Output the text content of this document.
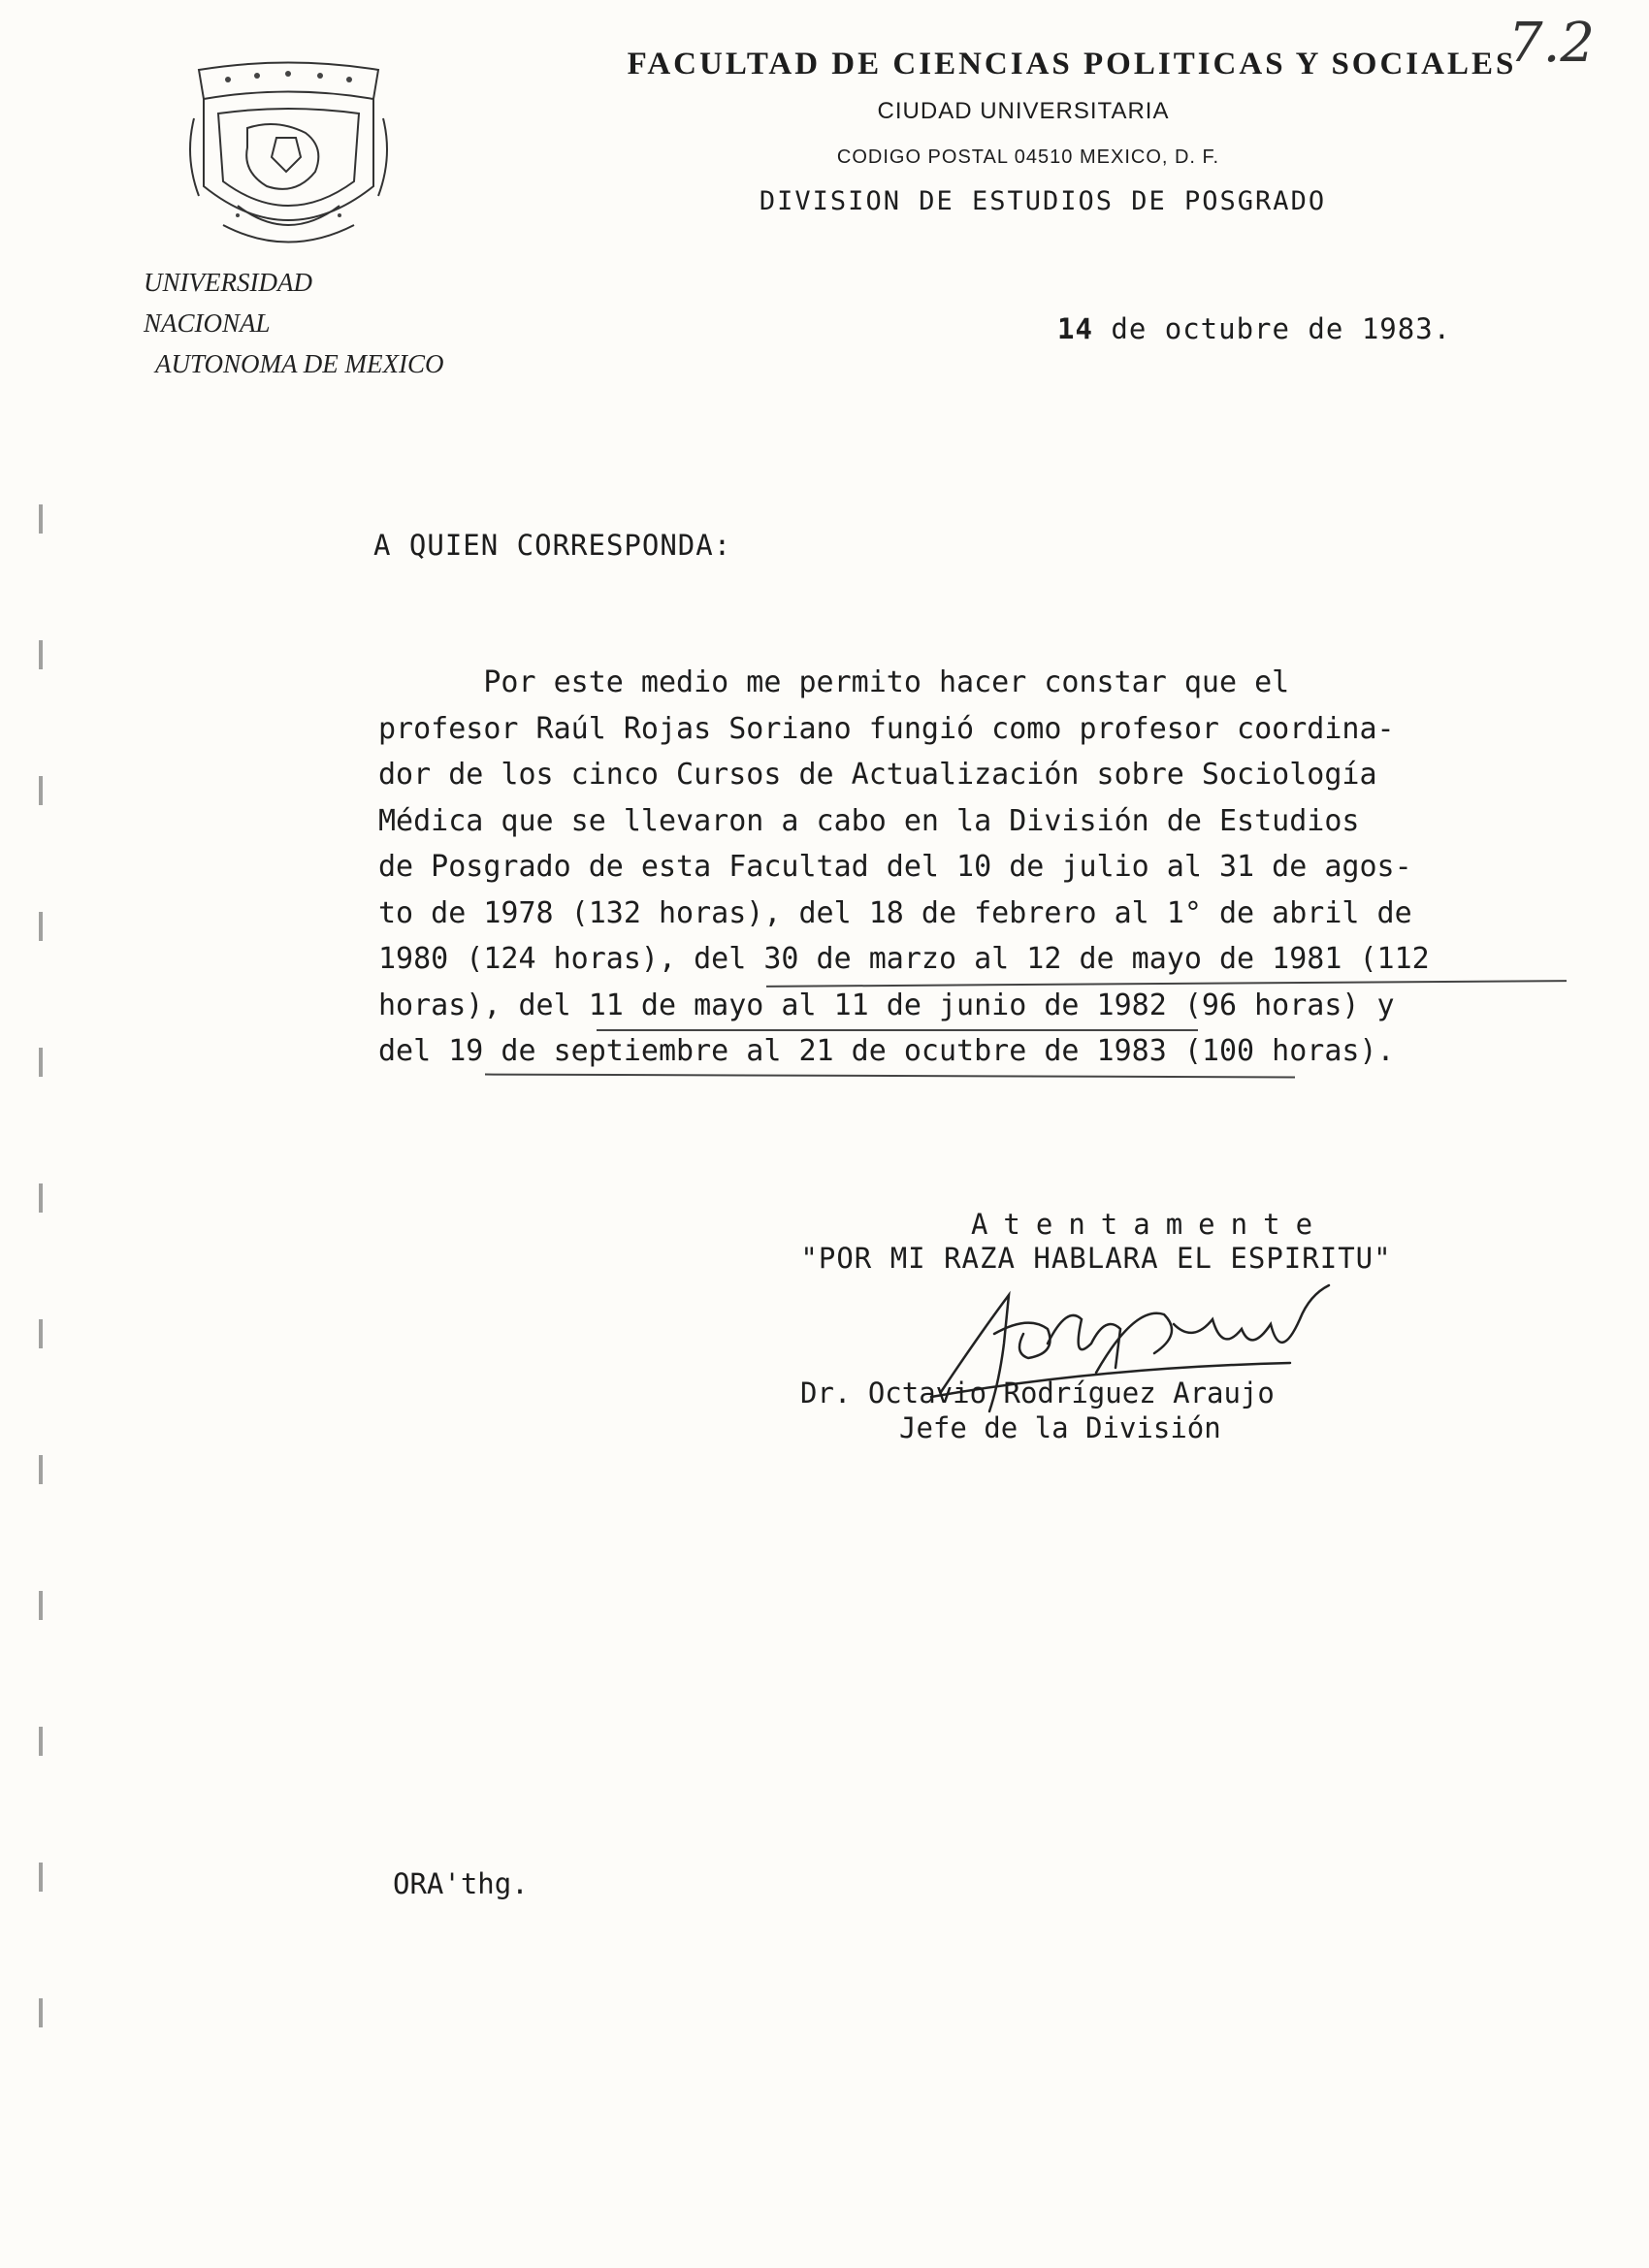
7.2
UNIVERSIDAD NACIONAL
AUTONOMA DE MEXICO
FACULTAD DE CIENCIAS POLITICAS Y SOCIALES
CIUDAD UNIVERSITARIA
CODIGO POSTAL 04510 MEXICO, D. F.
DIVISION DE ESTUDIOS DE POSGRADO
14 de octubre de 1983.
A QUIEN CORRESPONDA:
Por este medio me permito hacer constar que el
profesor Raúl Rojas Soriano fungió como profesor coordina-
dor de los cinco Cursos de Actualización sobre Sociología
Médica que se llevaron a cabo en la División de Estudios
de Posgrado de esta Facultad del 10 de julio al 31 de agos-
to de 1978 (132 horas), del 18 de febrero al 1° de abril de
1980 (124 horas), del 30 de marzo al 12 de mayo de 1981 (112
horas), del 11 de mayo al 11 de junio de 1982 (96 horas) y
del 19 de septiembre al 21 de ocutbre de 1983 (100 horas).
Atentamente
"POR MI RAZA HABLARA EL ESPIRITU"
Dr. Octavio Rodríguez Araujo
Jefe de la División
ORA'thg.
